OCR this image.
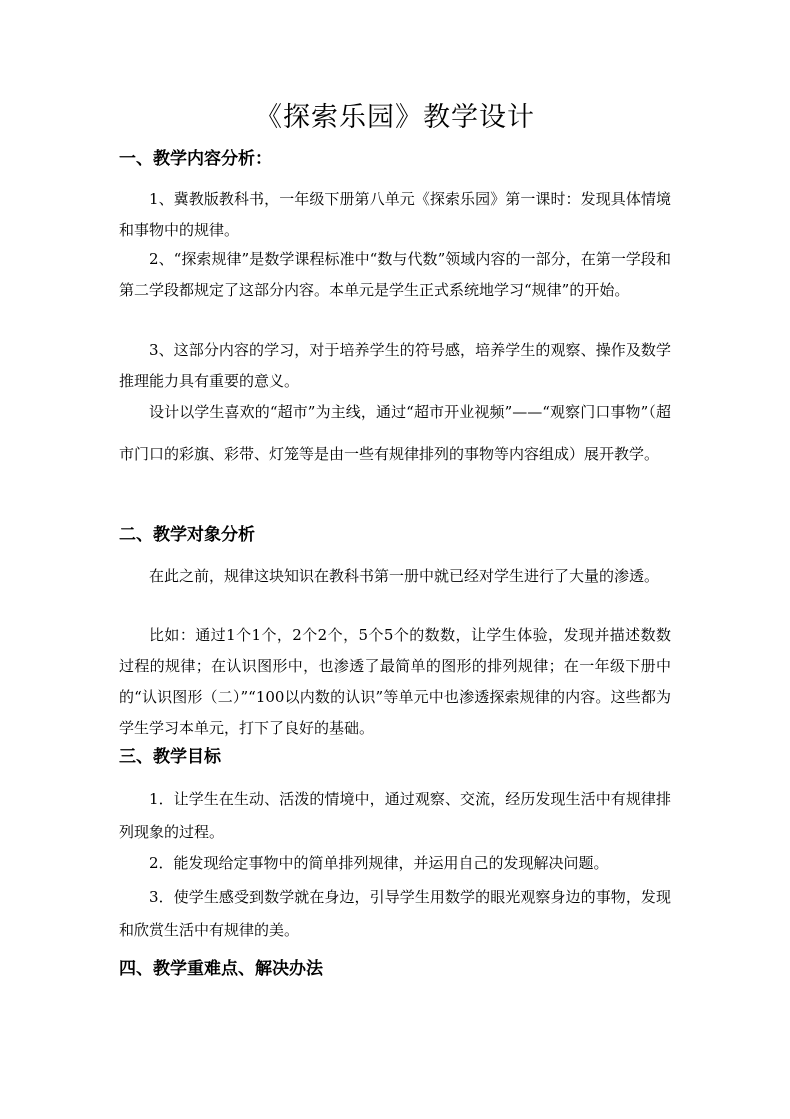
《探索乐园》教学设计
一、教学内容分析：

1、冀教版教科书，一年级下册第八单元《探索乐园》第一课时：发现具体情境和事物中的规律。

2、“探索规律”是数学课程标准中“数与代数”领域内容的一部分，在第一学段和第二学段都规定了这部分内容。本单元是学生正式系统地学习“规律”的开始。

3、这部分内容的学习，对于培养学生的符号感，培养学生的观察、操作及数学推理能力具有重要的意义。

设计以学生喜欢的“超市”为主线，通过“超市开业视频”——“观察门口事物”（超市门口的彩旗、彩带、灯笼等是由一些有规律排列的事物等内容组成）展开教学。

二、教学对象分析

在此之前，规律这块知识在教科书第一册中就已经对学生进行了大量的渗透。

比如：通过1个1个，2个2个，5个5个的数数，让学生体验，发现并描述数数过程的规律；在认识图形中，也渗透了最简单的图形的排列规律；在一年级下册中的“认识图形（二）”“100以内数的认识”等单元中也渗透探索规律的内容。这些都为学生学习本单元，打下了良好的基础。

三、教学目标

1．让学生在生动、活泼的情境中，通过观察、交流，经历发现生活中有规律排列现象的过程。

2．能发现给定事物中的简单排列规律，并运用自己的发现解决问题。

3．使学生感受到数学就在身边，引导学生用数学的眼光观察身边的事物，发现和欣赏生活中有规律的美。

四、教学重难点、解决办法
